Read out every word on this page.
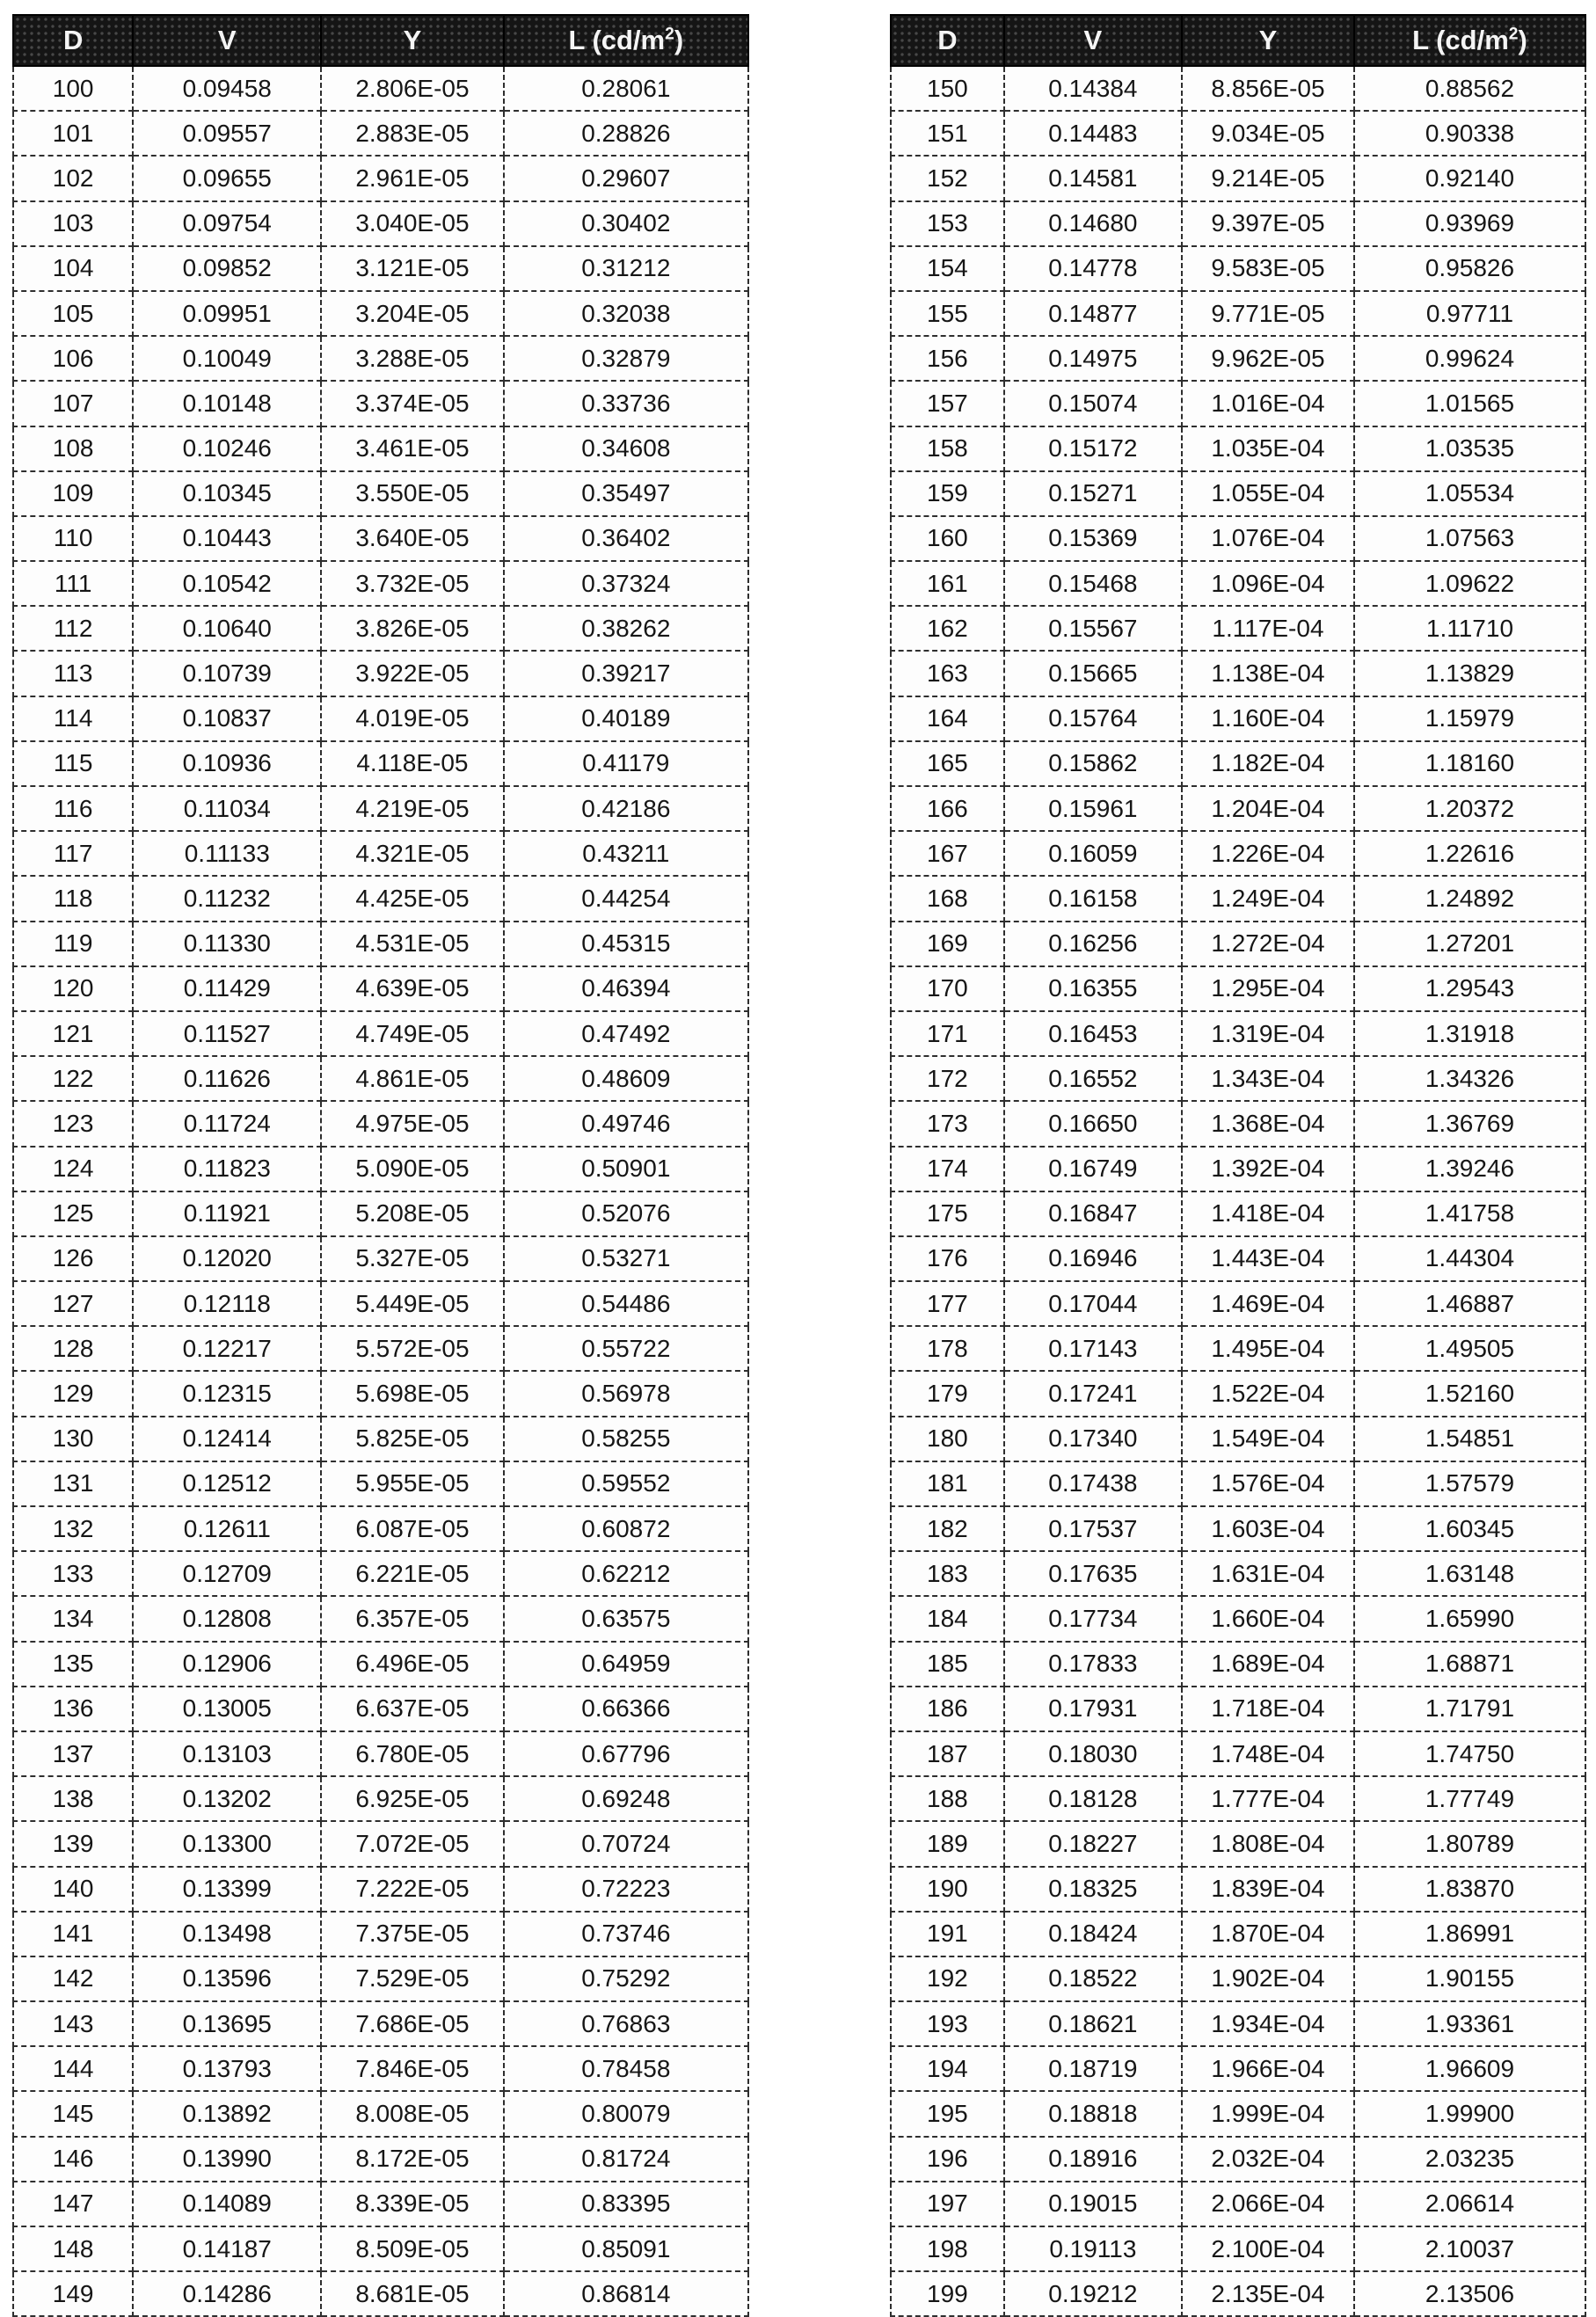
D	V	Y	L $(cd/m^2)$
100	0.09458	2.806E-05	0.28061
101	0.09557	2.883E-05	0.28826
102	0.09655	2.961E-05	0.29607
103	0.09754	3.040E-05	0.30402
104	0.09852	3.121E-05	0.31212
105	0.09951	3.204E-05	0.32038
106	0.10049	3.288E-05	0.32879
107	0.10148	3.374E-05	0.33736
108	0.10246	3.461E-05	0.34608
109	0.10345	3.550E-05	0.35497
110	0.10443	3.640E-05	0.36402
111	0.10542	3.732E-05	0.37324
112	0.10640	3.826E-05	0.38262
113	0.10739	3.922E-05	0.39217
114	0.10837	4.019E-05	0.40189
115	0.10936	4.118E-05	0.41179
116	0.11034	4.219E-05	0.42186
117	0.11133	4.321E-05	0.43211
118	0.11232	4.425E-05	0.44254
119	0.11330	4.531E-05	0.45315
120	0.11429	4.639E-05	0.46394
121	0.11527	4.749E-05	0.47492
122	0.11626	4.861E-05	0.48609
123	0.11724	4.975E-05	0.49746
124	0.11823	5.090E-05	0.50901
125	0.11921	5.208E-05	0.52076
126	0.12020	5.327E-05	0.53271
127	0.12118	5.449E-05	0.54486
128	0.12217	5.572E-05	0.55722
129	0.12315	5.698E-05	0.56978
130	0.12414	5.825E-05	0.58255
131	0.12512	5.955E-05	0.59552
132	0.12611	6.087E-05	0.60872
133	0.12709	6.221E-05	0.62212
134	0.12808	6.357E-05	0.63575
135	0.12906	6.496E-05	0.64959
136	0.13005	6.637E-05	0.66366
137	0.13103	6.780E-05	0.67796
138	0.13202	6.925E-05	0.69248
139	0.13300	7.072E-05	0.70724
140	0.13399	7.222E-05	0.72223
141	0.13498	7.375E-05	0.73746
142	0.13596	7.529E-05	0.75292
143	0.13695	7.686E-05	0.76863
144	0.13793	7.846E-05	0.78458
145	0.13892	8.008E-05	0.80079
146	0.13990	8.172E-05	0.81724
147	0.14089	8.339E-05	0.83395
148	0.14187	8.509E-05	0.85091
149	0.14286	8.681E-05	0.86814
D	V	Y	L $(cd/m^2)$
150	0.14384	8.856E-05	0.88562
151	0.14483	9.034E-05	0.90338
152	0.14581	9.214E-05	0.92140
153	0.14680	9.397E-05	0.93969
154	0.14778	9.583E-05	0.95826
155	0.14877	9.771E-05	0.97711
156	0.14975	9.962E-05	0.99624
157	0.15074	1.016E-04	1.01565
158	0.15172	1.035E-04	1.03535
159	0.15271	1.055E-04	1.05534
160	0.15369	1.076E-04	1.07563
161	0.15468	1.096E-04	1.09622
162	0.15567	1.117E-04	1.11710
163	0.15665	1.138E-04	1.13829
164	0.15764	1.160E-04	1.15979
165	0.15862	1.182E-04	1.18160
166	0.15961	1.204E-04	1.20372
167	0.16059	1.226E-04	1.22616
168	0.16158	1.249E-04	1.24892
169	0.16256	1.272E-04	1.27201
170	0.16355	1.295E-04	1.29543
171	0.16453	1.319E-04	1.31918
172	0.16552	1.343E-04	1.34326
173	0.16650	1.368E-04	1.36769
174	0.16749	1.392E-04	1.39246
175	0.16847	1.418E-04	1.41758
176	0.16946	1.443E-04	1.44304
177	0.17044	1.469E-04	1.46887
178	0.17143	1.495E-04	1.49505
179	0.17241	1.522E-04	1.52160
180	0.17340	1.549E-04	1.54851
181	0.17438	1.576E-04	1.57579
182	0.17537	1.603E-04	1.60345
183	0.17635	1.631E-04	1.63148
184	0.17734	1.660E-04	1.65990
185	0.17833	1.689E-04	1.68871
186	0.17931	1.718E-04	1.71791
187	0.18030	1.748E-04	1.74750
188	0.18128	1.777E-04	1.77749
189	0.18227	1.808E-04	1.80789
190	0.18325	1.839E-04	1.83870
191	0.18424	1.870E-04	1.86991
192	0.18522	1.902E-04	1.90155
193	0.18621	1.934E-04	1.93361
194	0.18719	1.966E-04	1.96609
195	0.18818	1.999E-04	1.99900
196	0.18916	2.032E-04	2.03235
197	0.19015	2.066E-04	2.06614
198	0.19113	2.100E-04	2.10037
199	0.19212	2.135E-04	2.13506
